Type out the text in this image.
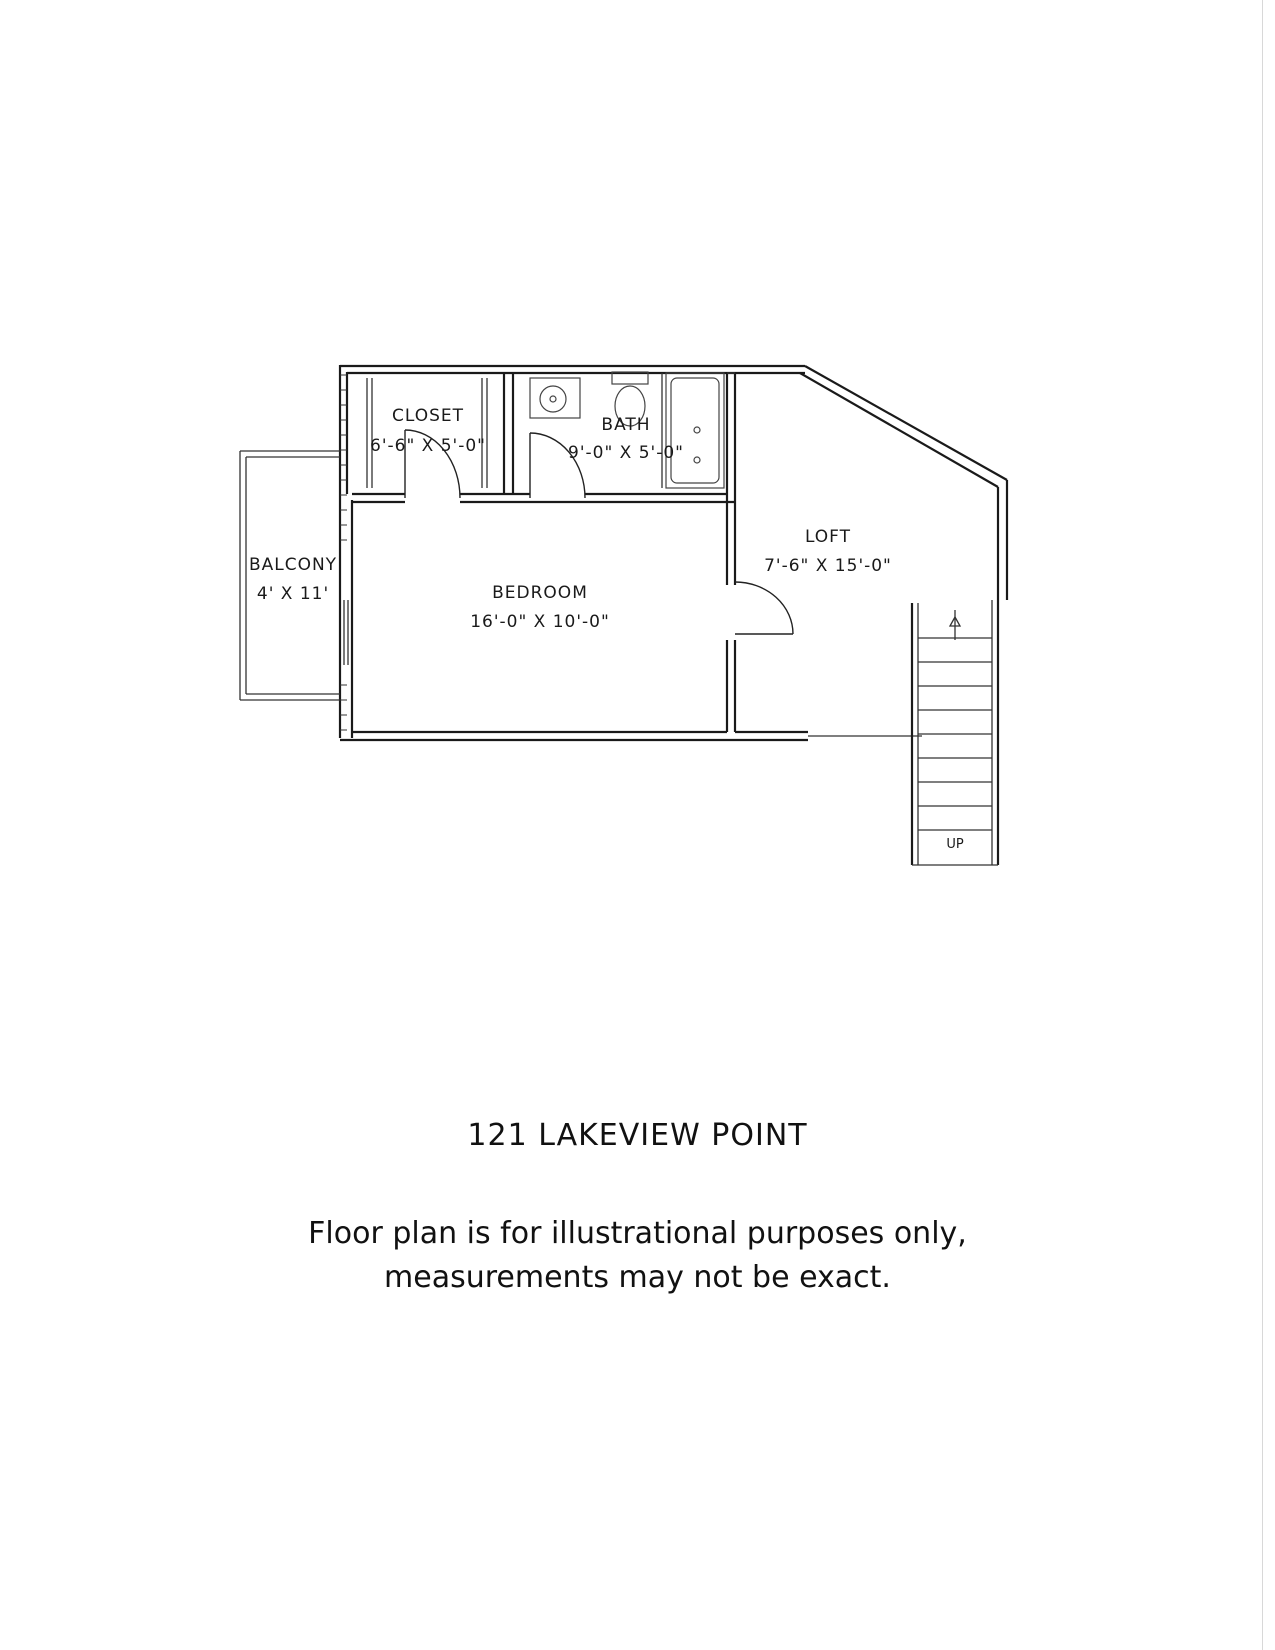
CLOSET
6'-6" X 5'-0"
BATH
9'-0" X 5'-0"
LOFT
7'-6" X 15'-0"
BALCONY
4' X 11'	BEDROOM
16'-0" X 10'-0"
UP
121 LAKEVIEW POINT
Floor plan is for illustrational purposes only,
measurements may not be exact.
